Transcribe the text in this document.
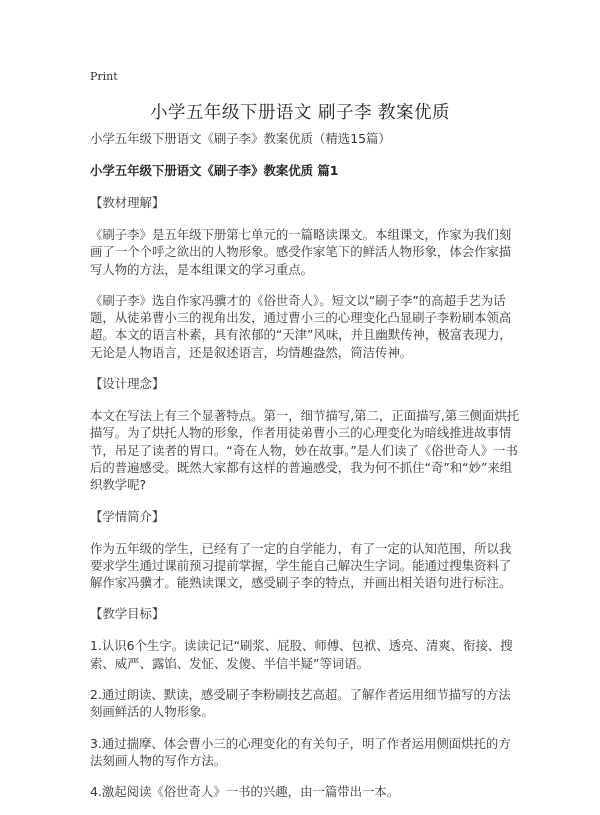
Print
小学五年级下册语文 刷子李 教案优质

小学五年级下册语文《刷子李》教案优质（精选15篇）

小学五年级下册语文《刷子李》教案优质 篇1

【教材理解】

《刷子李》是五年级下册第七单元的一篇略读课文。本组课文，作家为我们刻画了一个个呼之欲出的人物形象。感受作家笔下的鲜活人物形象，体会作家描写人物的方法，是本组课文的学习重点。

《刷子李》选自作家冯骥才的《俗世奇人》。短文以“刷子李”的高超手艺为话题，从徒弟曹小三的视角出发，通过曹小三的心理变化凸显刷子李粉刷本领高超。本文的语言朴素，具有浓郁的“天津”风味，并且幽默传神，极富表现力，无论是人物语言，还是叙述语言，均情趣盎然，简洁传神。

【设计理念】

本文在写法上有三个显著特点。第一，细节描写,第二，正面描写,第三侧面烘托描写。为了烘托人物的形象，作者用徒弟曹小三的心理变化为暗线推进故事情节，吊足了读者的胃口。“奇在人物，妙在故事。”是人们读了《俗世奇人》一书后的普遍感受。既然大家都有这样的普遍感受，我为何不抓住“奇”和“妙”来组织教学呢?

【学情简介】

作为五年级的学生，已经有了一定的自学能力，有了一定的认知范围，所以我要求学生通过课前预习提前掌握，学生能自己解决生字词。能通过搜集资料了解作家冯骥才。能熟读课文，感受刷子李的特点，并画出相关语句进行标注。

【教学目标】

1.认识6个生字。读读记记“刷浆、屁股、师傅、包袱、透亮、清爽、衔接、搜索、威严、露馅、发怔、发傻、半信半疑”等词语。

2.通过朗读、默读，感受刷子李粉刷技艺高超。了解作者运用细节描写的方法刻画鲜活的人物形象。

3.通过揣摩、体会曹小三的心理变化的有关句子，明了作者运用侧面烘托的方法刻画人物的写作方法。

4.激起阅读《俗世奇人》一书的兴趣，由一篇带出一本。
